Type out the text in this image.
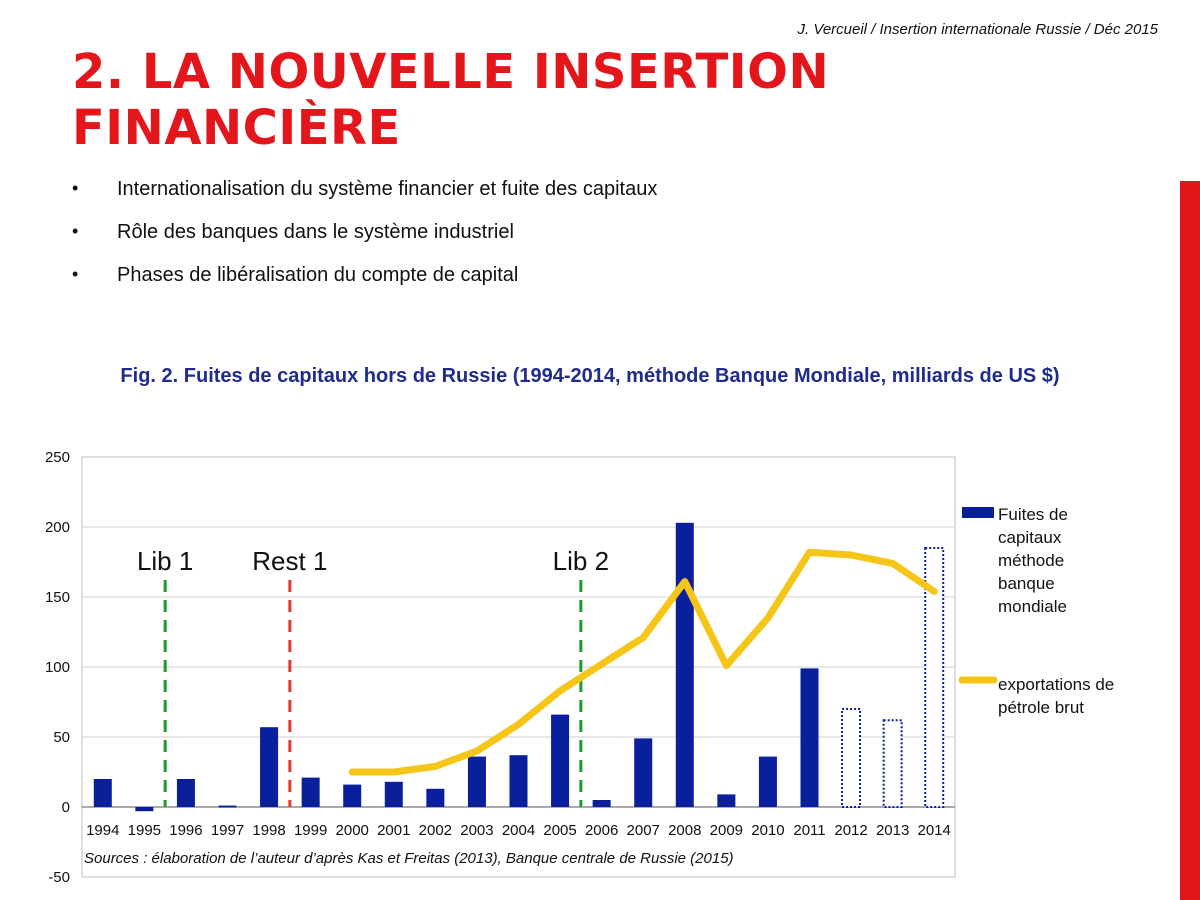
J. Vercueil / Insertion internationale Russie / Déc 2015
2. LA NOUVELLE INSERTION FINANCIÈRE
• Internationalisation du système financier et fuite des capitaux
• Rôle des banques dans le système industriel
• Phases de libéralisation du compte de capital
Fig. 2. Fuites de capitaux hors de Russie (1994-2014, méthode Banque Mondiale, milliards de US $)
-50
0
50
100
150
200
250
1994 1995 1996 1997 1998 1999 2000 2001 2002 2003 2004 2005 2006 2007 2008 2009 2010 2011 2012 2013 2014
Lib 1 Rest 1	Lib 2
Fuites de
capitaux
méthode
banque
mondiale
exportations de
pétrole brut
Sources : élaboration de l’auteur d’après Kas et Freitas (2013), Banque centrale de Russie (2015)
